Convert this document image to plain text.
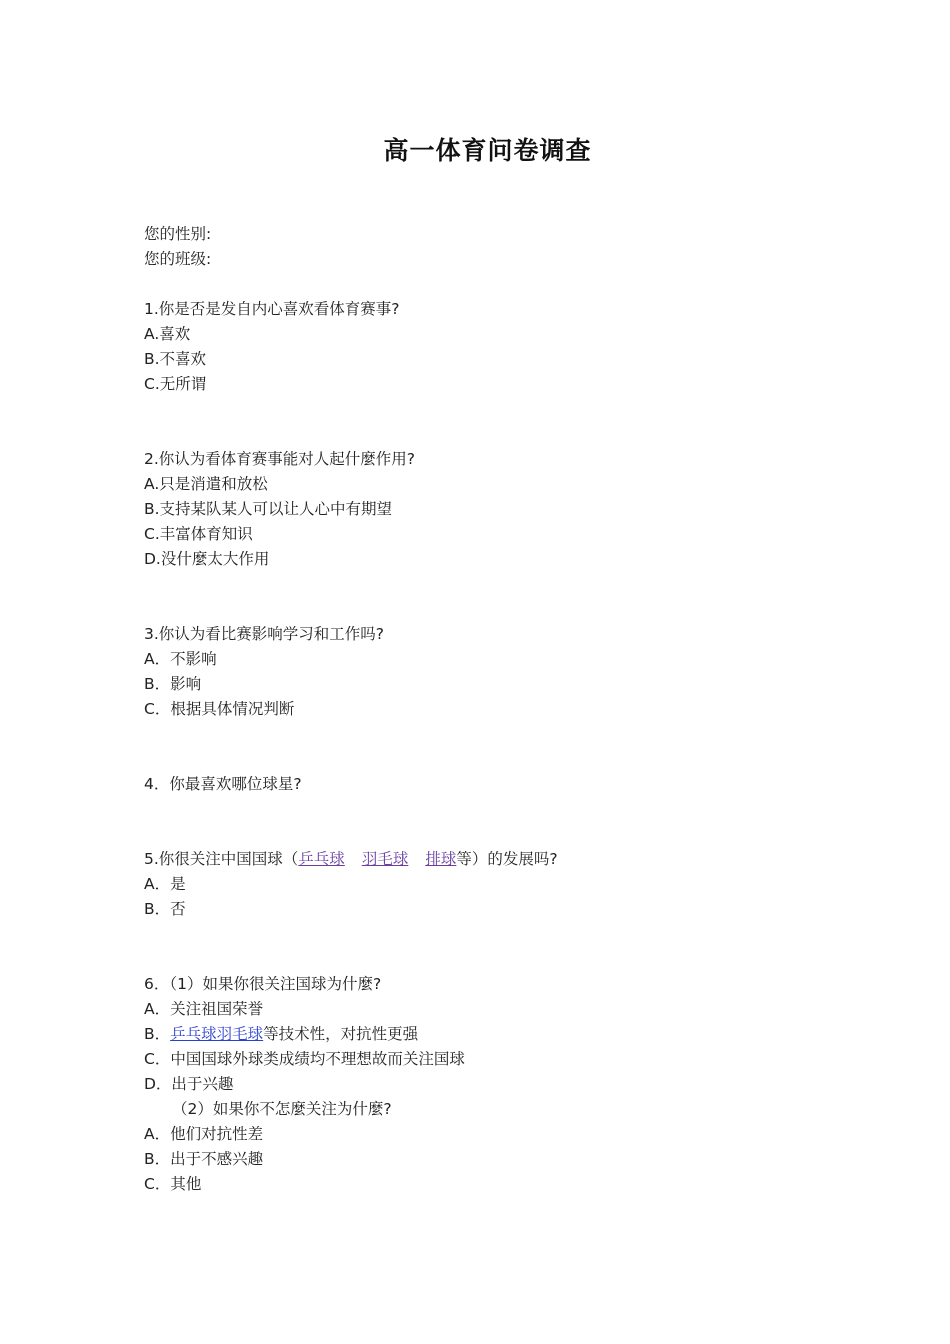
高一体育问卷调查
您的性别:
您的班级:
1.你是否是发自内心喜欢看体育赛事?
A.喜欢
B.不喜欢
C.无所谓
2.你认为看体育赛事能对人起什麼作用?
A.只是消遣和放松
B.支持某队某人可以让人心中有期望
C.丰富体育知识
D.没什麼太大作用
3.你认为看比赛影响学习和工作吗?
A．不影响
B．影响
C．根据具体情况判断
4．你最喜欢哪位球星?
5.你很关注中国国球（乒乓球 羽毛球 排球等）的发展吗?
A．是
B．否
6．（1）如果你很关注国球为什麼?
A．关注祖国荣誉
B．乒乓球羽毛球等技术性，对抗性更强
C．中国国球外球类成绩均不理想故而关注国球
D．出于兴趣
（2）如果你不怎麼关注为什麼?
A．他们对抗性差
B．出于不感兴趣
C．其他
